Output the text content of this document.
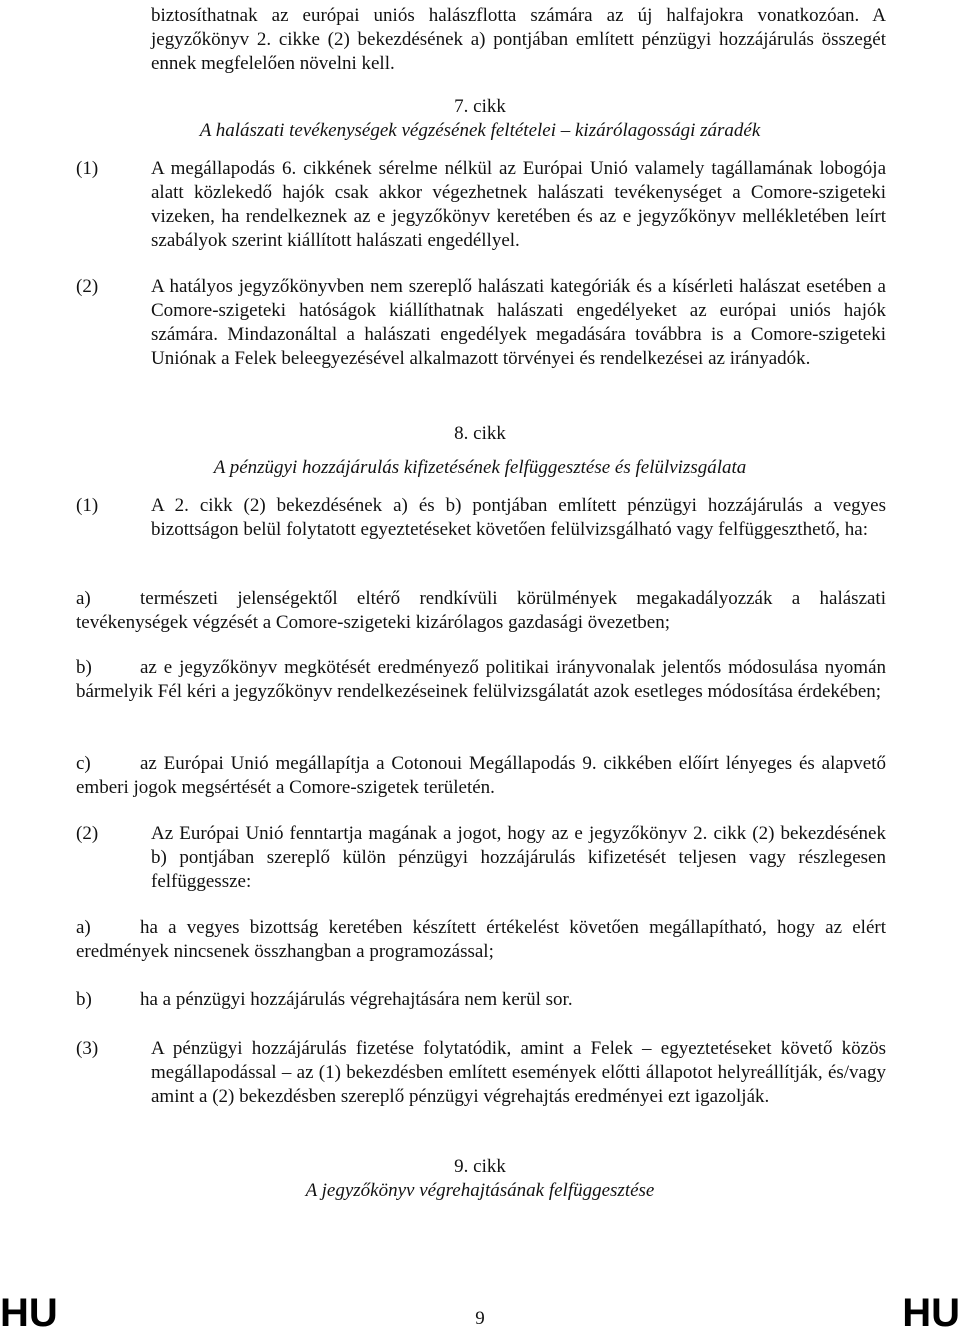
biztosíthatnak az európai uniós halászflotta számára az új halfajokra vonatkozóan. A jegyzőkönyv 2. cikke (2) bekezdésének a) pontjában említett pénzügyi hozzájárulás összegét ennek megfelelően növelni kell.
7. cikk
A halászati tevékenységek végzésének feltételei – kizárólagossági záradék
(1)	A megállapodás 6. cikkének sérelme nélkül az Európai Unió valamely tagállamának lobogója alatt közlekedő hajók csak akkor végezhetnek halászati tevékenységet a Comore-szigeteki vizeken, ha rendelkeznek az e jegyzőkönyv keretében és az e jegyzőkönyv mellékletében leírt szabályok szerint kiállított halászati engedéllyel.
(2)	A hatályos jegyzőkönyvben nem szereplő halászati kategóriák és a kísérleti halászat esetében a Comore-szigeteki hatóságok kiállíthatnak halászati engedélyeket az európai uniós hajók számára. Mindazonáltal a halászati engedélyek megadására továbbra is a Comore-szigeteki Uniónak a Felek beleegyezésével alkalmazott törvényei és rendelkezései az irányadók.
8. cikk
A pénzügyi hozzájárulás kifizetésének felfüggesztése és felülvizsgálata
(1)	A 2. cikk (2) bekezdésének a) és b) pontjában említett pénzügyi hozzájárulás a vegyes bizottságon belül folytatott egyeztetéseket követően felülvizsgálható vagy felfüggeszthető, ha:
a)	természeti jelenségektől eltérő rendkívüli körülmények megakadályozzák a halászati tevékenységek végzését a Comore-szigeteki kizárólagos gazdasági övezetben;
b)	az e jegyzőkönyv megkötését eredményező politikai irányvonalak jelentős módosulása nyomán bármelyik Fél kéri a jegyzőkönyv rendelkezéseinek felülvizsgálatát azok esetleges módosítása érdekében;
c)	az Európai Unió megállapítja a Cotonoui Megállapodás 9. cikkében előírt lényeges és alapvető emberi jogok megsértését a Comore-szigetek területén.
(2)	Az Európai Unió fenntartja magának a jogot, hogy az e jegyzőkönyv 2. cikk (2) bekezdésének b) pontjában szereplő külön pénzügyi hozzájárulás kifizetését teljesen vagy részlegesen felfüggessze:
a)	ha a vegyes bizottság keretében készített értékelést követően megállapítható, hogy az elért eredmények nincsenek összhangban a programozással;
b)	ha a pénzügyi hozzájárulás végrehajtására nem kerül sor.
(3)	A pénzügyi hozzájárulás fizetése folytatódik, amint a Felek – egyeztetéseket követő közös megállapodással – az (1) bekezdésben említett események előtti állapotot helyreállítják, és/vagy amint a (2) bekezdésben szereplő pénzügyi végrehajtás eredményei ezt igazolják.
9. cikk
A jegyzőkönyv végrehajtásának felfüggesztése
HU	9	HU
